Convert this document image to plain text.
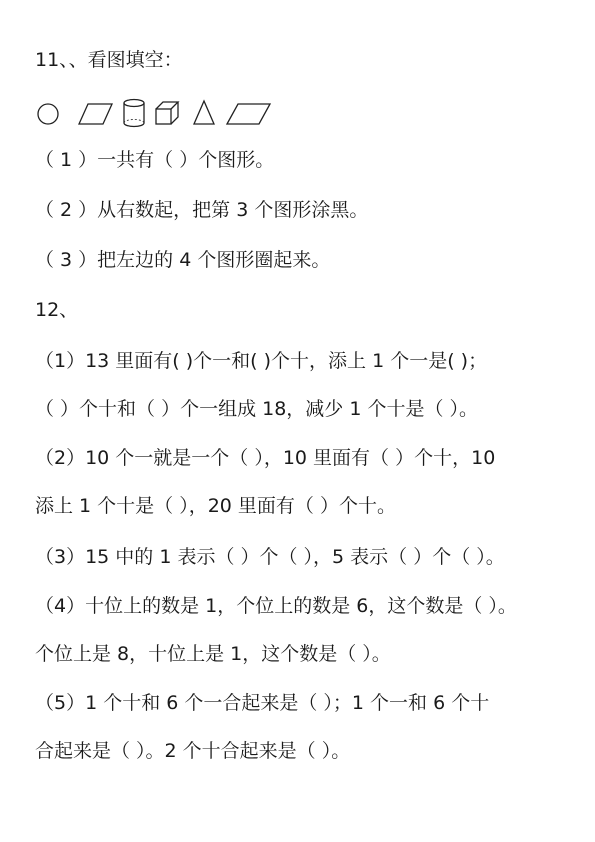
11、、看图填空：
（ 1 ）一共有（ ）个图形。
（ 2 ）从右数起，把第 3 个图形涂黑。
（ 3 ）把左边的 4 个图形圈起来。
12、
（1）13 里面有( )个一和( )个十，添上 1 个一是( )；
（ ）个十和（ ）个一组成 18，减少 1 个十是（ ）。
（2）10 个一就是一个（ ），10 里面有（ ）个十，10
添上 1 个十是（ ），20 里面有（ ）个十。
（3）15 中的 1 表示（ ）个（ ），5 表示（ ）个（ ）。
（4）十位上的数是 1，个位上的数是 6，这个数是（ ）。
个位上是 8，十位上是 1，这个数是（ ）。
（5）1 个十和 6 个一合起来是（ ）；1 个一和 6 个十
合起来是（ ）。2 个十合起来是（ ）。
